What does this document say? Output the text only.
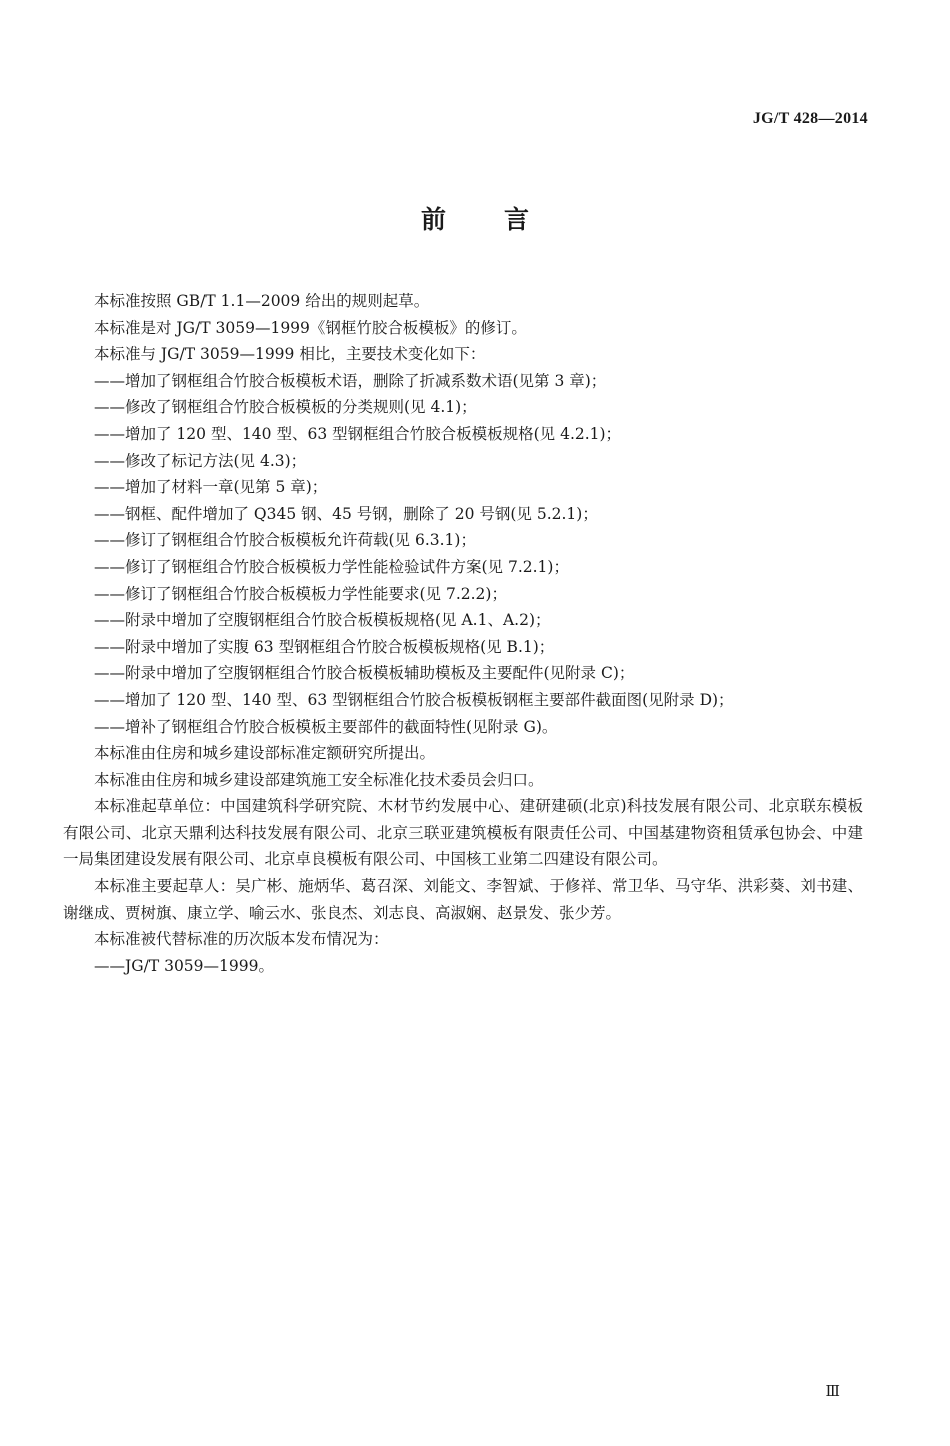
JG/T 428—2014
前言

本标准按照 GB/T 1.1—2009 给出的规则起草。

本标准是对 JG/T 3059—1999《钢框竹胶合板模板》的修订。

本标准与 JG/T 3059—1999 相比，主要技术变化如下：

——增加了钢框组合竹胶合板模板术语，删除了折减系数术语(见第 3 章)；

——修改了钢框组合竹胶合板模板的分类规则(见 4.1)；

——增加了 120 型、140 型、63 型钢框组合竹胶合板模板规格(见 4.2.1)；

——修改了标记方法(见 4.3)；

——增加了材料一章(见第 5 章)；

——钢框、配件增加了 Q345 钢、45 号钢，删除了 20 号钢(见 5.2.1)；

——修订了钢框组合竹胶合板模板允许荷载(见 6.3.1)；

——修订了钢框组合竹胶合板模板力学性能检验试件方案(见 7.2.1)；

——修订了钢框组合竹胶合板模板力学性能要求(见 7.2.2)；

——附录中增加了空腹钢框组合竹胶合板模板规格(见 A.1、A.2)；

——附录中增加了实腹 63 型钢框组合竹胶合板模板规格(见 B.1)；

——附录中增加了空腹钢框组合竹胶合板模板辅助模板及主要配件(见附录 C)；

——增加了 120 型、140 型、63 型钢框组合竹胶合板模板钢框主要部件截面图(见附录 D)；

——增补了钢框组合竹胶合板模板主要部件的截面特性(见附录 G)。

本标准由住房和城乡建设部标准定额研究所提出。

本标准由住房和城乡建设部建筑施工安全标准化技术委员会归口。

本标准起草单位：中国建筑科学研究院、木材节约发展中心、建研建硕(北京)科技发展有限公司、北京联东模板有限公司、北京天鼎利达科技发展有限公司、北京三联亚建筑模板有限责任公司、中国基建物资租赁承包协会、中建一局集团建设发展有限公司、北京卓良模板有限公司、中国核工业第二四建设有限公司。

本标准主要起草人：吴广彬、施炳华、葛召深、刘能文、李智斌、于修祥、常卫华、马守华、洪彩葵、刘书建、谢继成、贾树旗、康立学、喻云水、张良杰、刘志良、高淑娴、赵景发、张少芳。

本标准被代替标准的历次版本发布情况为：

——JG/T 3059—1999。

Ⅲ
